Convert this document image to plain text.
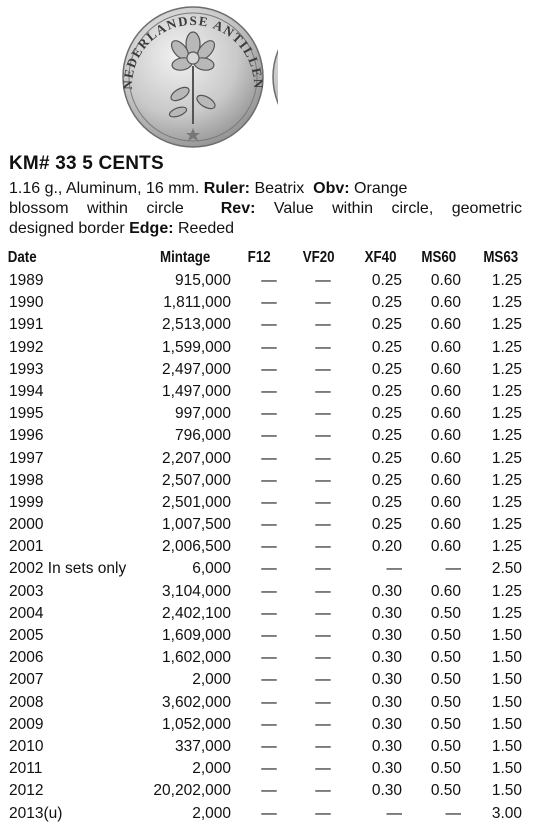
NEDERLANDSE ANTILLEN
KM# 33 5 CENTS
1.16 g., Aluminum, 16 mm. Ruler: Beatrix Obv: Orange
blossom within circle Rev: Value within circle, geometric
designed border Edge: Reeded
Date	Mintage F12 VF20 XF40 MS60 MS63
1989	915,000	—	—	0.25 0.60 1.25
1990	1,811,000	—	—	0.25 0.60 1.25
1991	2,513,000	—	—	0.25 0.60 1.25
1992	1,599,000	—	—	0.25 0.60 1.25
1993	2,497,000	—	—	0.25 0.60 1.25
1994	1,497,000	—	—	0.25 0.60 1.25
1995	997,000	—	—	0.25 0.60 1.25
1996	796,000	—	—	0.25 0.60 1.25
1997	2,207,000	—	—	0.25 0.60 1.25
1998	2,507,000	—	—	0.25 0.60 1.25
1999	2,501,000	—	—	0.25 0.60 1.25
2000	1,007,500	—	—	0.25 0.60 1.25
2001	2,006,500	—	—	0.20 0.60 1.25
2002 In sets only	6,000	—	—	—	— 2.50
2003	3,104,000	—	—	0.30 0.60 1.25
2004	2,402,100	—	—	0.30 0.50 1.25
2005	1,609,000	—	—	0.30 0.50 1.50
2006	1,602,000	—	—	0.30 0.50 1.50
2007	2,000	—	—	0.30 0.50 1.50
2008	3,602,000	—	—	0.30 0.50 1.50
2009	1,052,000	—	—	0.30 0.50 1.50
2010	337,000	—	—	0.30 0.50 1.50
2011	2,000	—	—	0.30 0.50 1.50
2012	20,202,000	—	—	0.30 0.50 1.50
2013(u)	2,000	—	—	—	— 3.00
